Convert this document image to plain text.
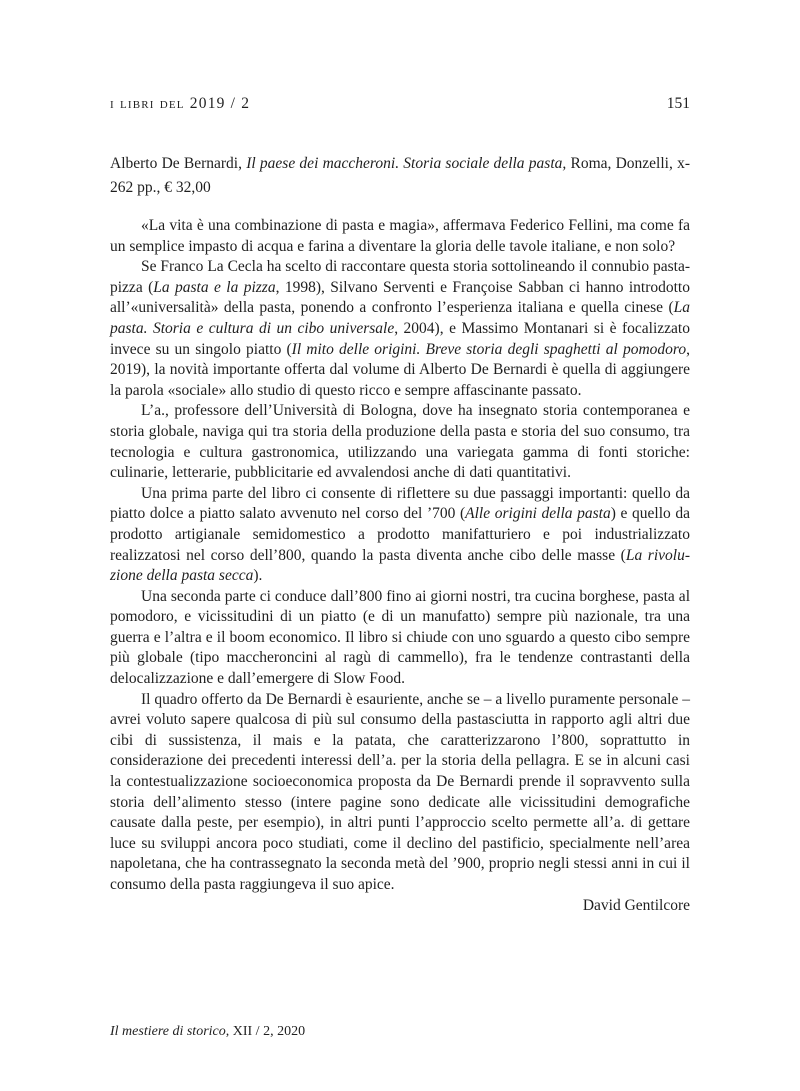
i libri del 2019 / 2	151
Alberto De Bernardi, Il paese dei maccheroni. Storia sociale della pasta, Roma, Donzelli, x-262 pp., € 32,00

«La vita è una combinazione di pasta e magia», affermava Federico Fellini, ma come fa un semplice impasto di acqua e farina a diventare la gloria delle tavole italiane, e non solo?

Se Franco La Cecla ha scelto di raccontare questa storia sottolineando il connubio pasta-pizza (La pasta e la pizza, 1998), Silvano Serventi e Françoise Sabban ci hanno introdotto all’«universalità» della pasta, ponendo a confronto l’esperienza italiana e quella cinese (La pasta. Storia e cultura di un cibo universale, 2004), e Massimo Montanari si è focalizzato invece su un singolo piatto (Il mito delle origini. Breve storia degli spaghetti al pomodoro, 2019), la novità importante offerta dal volume di Alberto De Bernardi è quella di aggiungere la parola «sociale» allo studio di questo ricco e sempre affascinante passato.

L’a., professore dell’Università di Bologna, dove ha insegnato storia contemporanea e storia globale, naviga qui tra storia della produzione della pasta e storia del suo consumo, tra tecnologia e cultura gastronomica, utilizzando una variegata gamma di fonti storiche: culinarie, letterarie, pubblicitarie ed avvalendosi anche di dati quantitativi.

Una prima parte del libro ci consente di riflettere su due passaggi importanti: quello da piatto dolce a piatto salato avvenuto nel corso del ’700 (Alle origini della pasta) e quello da prodotto artigianale semidomestico a prodotto manifatturiero e poi industrializzato realizzatosi nel corso dell’800, quando la pasta diventa anche cibo delle masse (La rivoluzione della pasta secca).

Una seconda parte ci conduce dall’800 fino ai giorni nostri, tra cucina borghese, pasta al pomodoro, e vicissitudini di un piatto (e di un manufatto) sempre più nazionale, tra una guerra e l’altra e il boom economico. Il libro si chiude con uno sguardo a questo cibo sempre più globale (tipo maccheroncini al ragù di cammello), fra le tendenze contrastanti della delocalizzazione e dall’emergere di Slow Food.

Il quadro offerto da De Bernardi è esauriente, anche se – a livello puramente personale – avrei voluto sapere qualcosa di più sul consumo della pastasciutta in rapporto agli altri due cibi di sussistenza, il mais e la patata, che caratterizzarono l’800, soprattutto in considerazione dei precedenti interessi dell’a. per la storia della pellagra. E se in alcuni casi la contestualizzazione socioeconomica proposta da De Bernardi prende il sopravvento sulla storia dell’alimento stesso (intere pagine sono dedicate alle vicissitudini demografiche causate dalla peste, per esempio), in altri punti l’approccio scelto permette all’a. di gettare luce su sviluppi ancora poco studiati, come il declino del pastificio, specialmente nell’area napoletana, che ha contrassegnato la seconda metà del ’900, proprio negli stessi anni in cui il consumo della pasta raggiungeva il suo apice.

David Gentilcore

Il mestiere di storico, XII / 2, 2020
